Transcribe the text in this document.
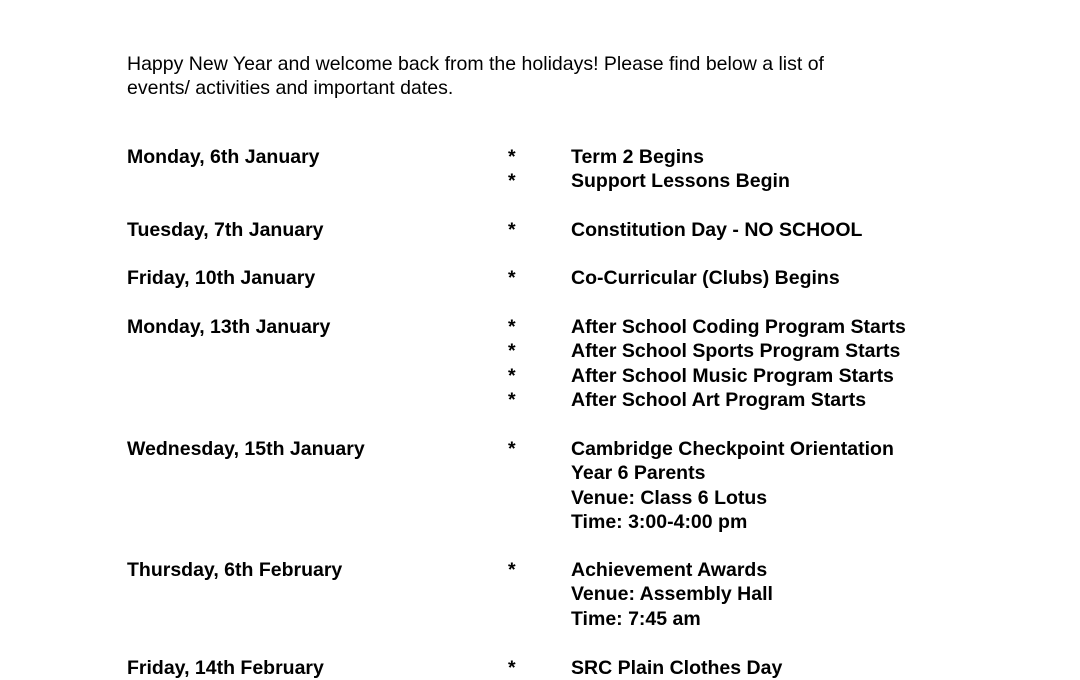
Happy New Year and welcome back from the holidays! Please find below a list of
events/ activities and important dates.
Monday, 6th January	*	Term 2 Begins
*	Support Lessons Begin
Tuesday, 7th January	*	Constitution Day - NO SCHOOL
Friday, 10th January	*	Co-Curricular (Clubs) Begins
Monday, 13th January	*	After School Coding Program Starts
*	After School Sports Program Starts
*	After School Music Program Starts
*	After School Art Program Starts
Wednesday, 15th January	*	Cambridge Checkpoint Orientation
Year 6 Parents
Venue: Class 6 Lotus
Time: 3:00-4:00 pm
Thursday, 6th February	*	Achievement Awards
Venue: Assembly Hall
Time: 7:45 am
Friday, 14th February	*	SRC Plain Clothes Day
